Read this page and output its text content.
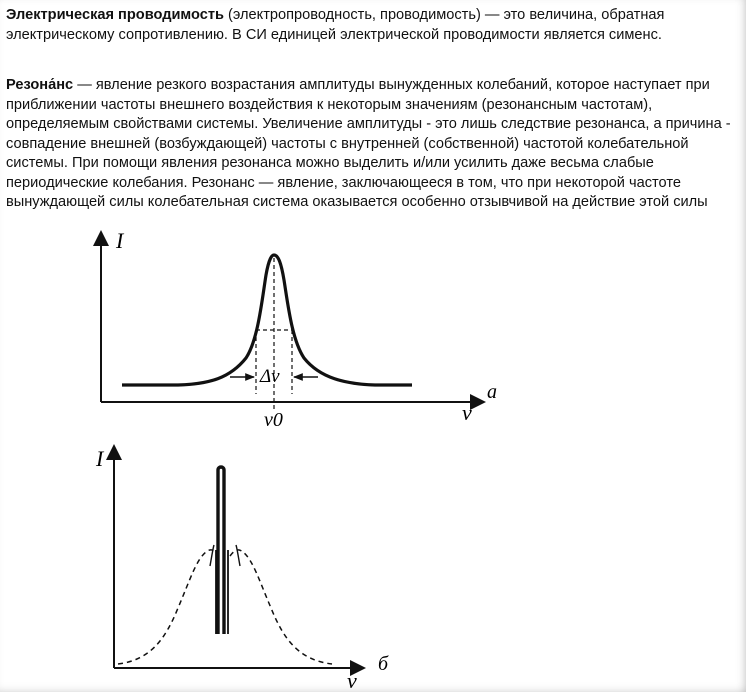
Электрическая проводимость (электропроводность, проводимость) — это величина, обратная электрическому сопротивлению. В СИ единицей электрической проводимости является сименс.

Резона́нс — явление резкого возрастания амплитуды вынужденных колебаний, которое наступает при приближении частоты внешнего воздействия к некоторым значениям (резонансным частотам), определяемым свойствами системы. Увеличение амплитуды - это лишь следствие резонанса, а причина - совпадение внешней (возбуждающей) частоты с внутренней (собственной) частотой колебательной системы. При помощи явления резонанса можно выделить и/или усилить даже весьма слабые периодические колебания. Резонанс — явление, заключающееся в том, что при некоторой частоте вынуждающей силы колебательная система оказывается особенно отзывчивой на действие этой силы

I
ν
а
Δν
ν0
I
ν
б
